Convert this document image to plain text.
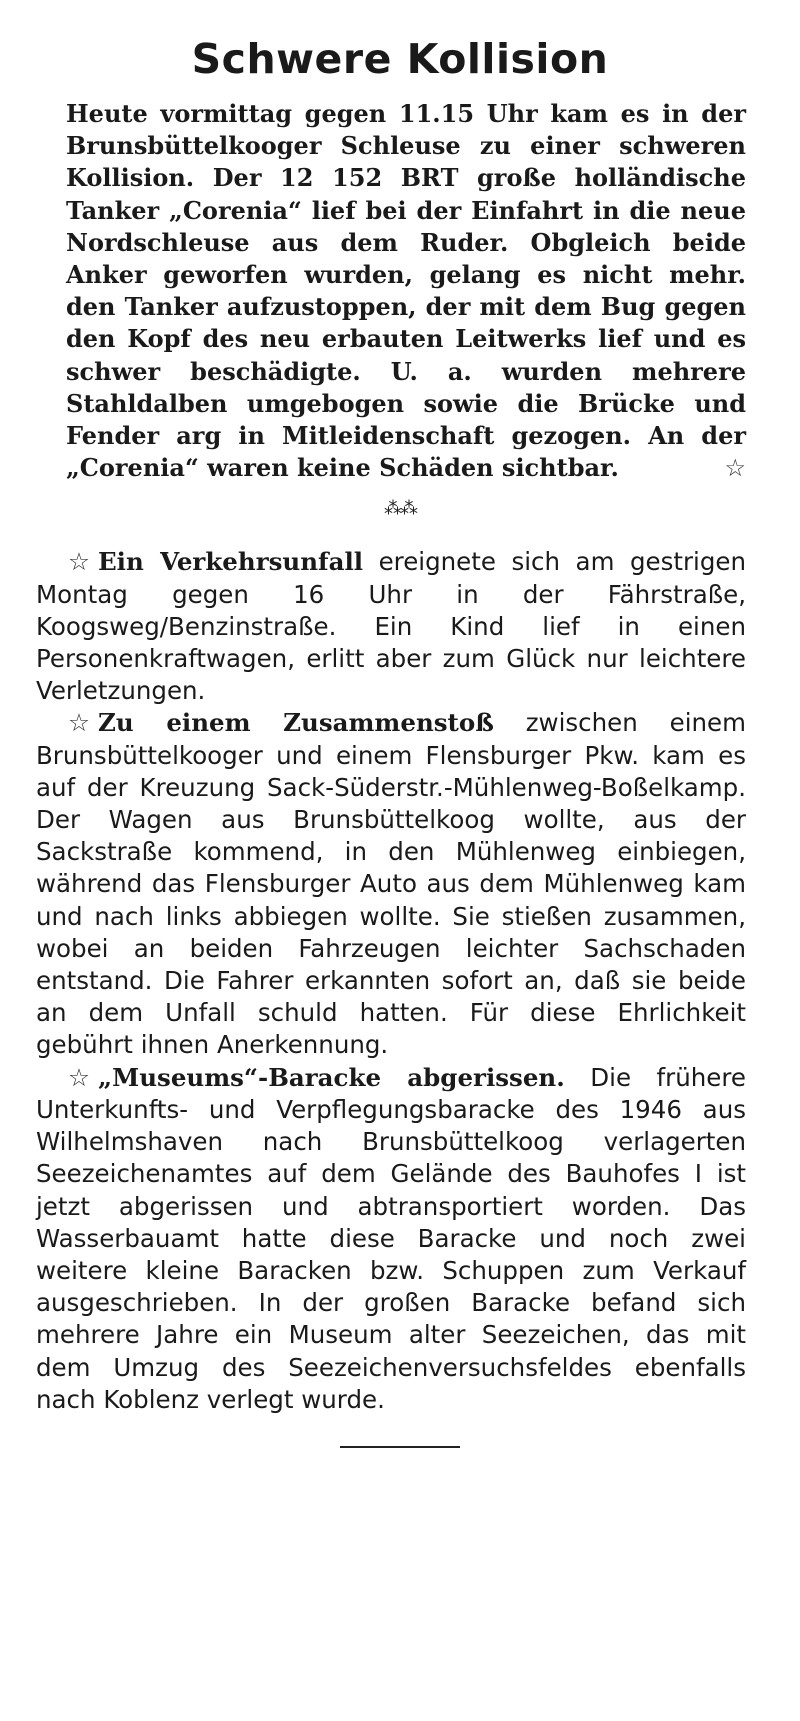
Schwere Kollision

Heute vormittag gegen 11.15 Uhr kam es in der Brunsbüttelkooger Schleuse zu einer schweren Kollision. Der 12 152 BRT große holländische Tanker „Corenia“ lief bei der Einfahrt in die neue Nordschleuse aus dem Ruder. Obgleich beide Anker geworfen wurden, gelang es nicht mehr. den Tanker aufzustoppen, der mit dem Bug gegen den Kopf des neu erbauten Leitwerks lief und es schwer beschädigte. U. a. wurden mehrere Stahldalben umgebogen sowie die Brücke und Fender arg in Mitleidenschaft gezogen. An der „Corenia“ waren keine Schäden sichtbar.	☆

⁂⁂

☆ Ein Verkehrsunfall ereignete sich am gestrigen Montag gegen 16 Uhr in der Fährstraße, Koogsweg/Benzinstraße. Ein Kind lief in einen Personenkraftwagen, erlitt aber zum Glück nur leichtere Verletzungen.

☆ Zu einem Zusammenstoß zwischen einem Brunsbüttelkooger und einem Flensburger Pkw. kam es auf der Kreuzung Sack-Süderstr.-Mühlenweg-Boßelkamp. Der Wagen aus Brunsbüttelkoog wollte, aus der Sackstraße kommend, in den Mühlenweg einbiegen, während das Flensburger Auto aus dem Mühlenweg kam und nach links abbiegen wollte. Sie stießen zusammen, wobei an beiden Fahrzeugen leichter Sachschaden entstand. Die Fahrer erkannten sofort an, daß sie beide an dem Unfall schuld hatten. Für diese Ehrlichkeit gebührt ihnen Anerkennung.

☆ „Museums“-Baracke abgerissen. Die frühere Unterkunfts- und Verpflegungsbaracke des 1946 aus Wilhelmshaven nach Brunsbüttelkoog verlagerten Seezeichenamtes auf dem Gelände des Bauhofes I ist jetzt abgerissen und abtransportiert worden. Das Wasserbauamt hatte diese Baracke und noch zwei weitere kleine Baracken bzw. Schuppen zum Verkauf ausgeschrieben. In der großen Baracke befand sich mehrere Jahre ein Museum alter Seezeichen, das mit dem Umzug des Seezeichenversuchsfeldes ebenfalls nach Koblenz verlegt wurde.
